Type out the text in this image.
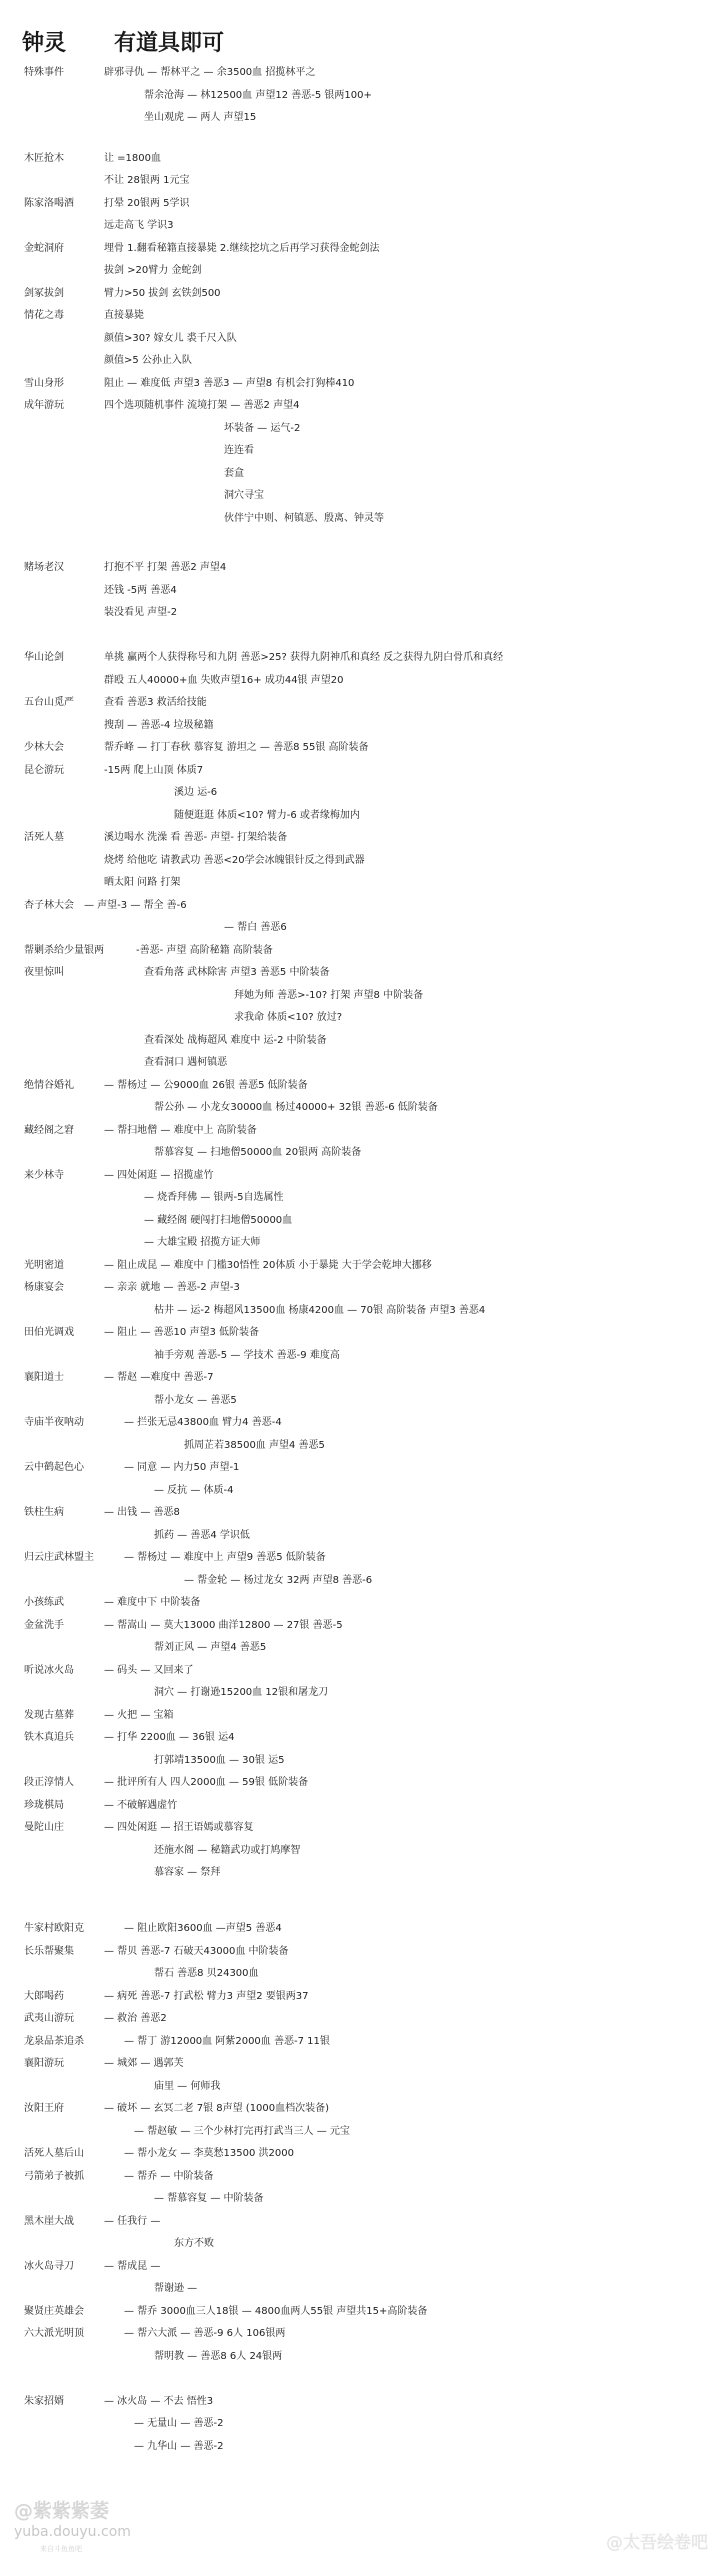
钟灵 有道具即可
特殊事件	辟邪寻仇 — 帮林平之 — 余3500血 招揽林平之
帮余沧海 — 林12500血 声望12 善恶-5 银两100+
坐山观虎 — 两人 声望15
木匠抢木	让 =1800血
不让 28银两 1元宝
陈家洛喝酒	打晕 20银两 5学识
远走高飞 学识3
金蛇洞府	埋骨 1.翻看秘籍直接暴毙 2.继续挖坑之后再学习获得金蛇剑法
拔剑 >20臂力 金蛇剑
剑冢拔剑	臂力>50 拔剑 玄铁剑500
情花之毒	直接暴毙
颜值>30? 嫁女儿 裘千尺入队
颜值>5 公孙止入队
雪山身形	阻止 — 难度低 声望3 善恶3 — 声望8 有机会打狗棒410
成年游玩	四个选项随机事件 流境打架 — 善恶2 声望4
坏装备 — 运气-2
连连看
套盒
洞穴寻宝
伙伴宁中则、柯镇恶、殷离、钟灵等
赌场老汉	打抱不平 打架 善恶2 声望4
还钱 -5两 善恶4
装没看见 声望-2
华山论剑	单挑 赢两个人获得称号和九阴 善恶>25? 获得九阴神爪和真经 反之获得九阴白骨爪和真经
群殴 五人40000+血 失败声望16+ 成功44银 声望20
五台山觅严	查看 善恶3 救活给技能
搜刮 — 善恶-4 垃圾秘籍
少林大会	帮乔峰 — 打丁春秋 慕容复 游坦之 — 善恶8 55银 高阶装备
昆仑游玩	-15两 爬上山顶 体质7
溪边 运-6
随便逛逛 体质<10? 臂力-6 或者缘梅加内
活死人墓	溪边喝水 洗澡 看 善恶- 声望- 打架给装备
烧烤 给他吃 请教武功 善恶<20学会冰魄银针反之得到武器
晒太阳 问路 打架
杏子林大会 — 声望-3 — 帮全 善-6
— 帮白 善恶6
帮剿杀给少量银两	-善恶- 声望 高阶秘籍 高阶装备
夜里惊叫	查看角落 武林除害 声望3 善恶5 中阶装备
拜她为师 善恶>-10? 打架 声望8 中阶装备
求我命 体质<10? 放过?
查看深处 战梅超风 难度中 运-2 中阶装备
查看洞口 遇柯镇恶
绝情谷婚礼	— 帮杨过 — 公9000血 26银 善恶5 低阶装备
帮公孙 — 小龙女30000血 杨过40000+ 32银 善恶-6 低阶装备
藏经阁之窘	— 帮扫地僧 — 难度中上 高阶装备
帮慕容复 — 扫地僧50000血 20银两 高阶装备
来少林寺	— 四处闲逛 — 招揽虚竹
— 烧香拜佛 — 银两-5自选属性
— 藏经阁 硬闯打扫地僧50000血
— 大雄宝殿 招揽方证大师
光明密道	— 阻止成昆 — 难度中 门槛30悟性 20体质 小于暴毙 大于学会乾坤大挪移
杨康宴会	— 亲亲 就地 — 善恶-2 声望-3
枯井 — 运-2 梅超风13500血 杨康4200血 — 70银 高阶装备 声望3 善恶4
田伯光调戏	— 阻止 — 善恶10 声望3 低阶装备
袖手旁观 善恶-5 — 学技术 善恶-9 难度高
襄阳道士	— 帮赵 —难度中 善恶-7
帮小龙女 — 善恶5
寺庙半夜呐动	— 拦张无忌43800血 臂力4 善恶-4
抓周芷若38500血 声望4 善恶5
云中鹤起色心	— 同意 — 内力50 声望-1
— 反抗 — 体质-4
铁柱生病	— 出钱 — 善恶8
抓药 — 善恶4 学识低
归云庄武林盟主	— 帮杨过 — 难度中上 声望9 善恶5 低阶装备
— 帮金轮 — 杨过龙女 32两 声望8 善恶-6
小孩练武	— 难度中下 中阶装备
金盆洗手	— 帮嵩山 — 莫大13000 曲洋12800 — 27银 善恶-5
帮刘正风 — 声望4 善恶5
听说冰火岛	— 码头 — 又回来了
洞穴 — 打谢逊15200血 12银和屠龙刀
发现古墓葬	— 火把 — 宝箱
铁木真追兵	— 打华 2200血 — 36银 运4
打郭靖13500血 — 30银 运5
段正淳情人	— 批评所有人 四人2000血 — 59银 低阶装备
珍珑棋局	— 不破解遇虚竹
曼陀山庄	— 四处闲逛 — 招王语嫣或慕容复
还施水阁 — 秘籍武功或打鸠摩智
慕容家 — 祭拜
牛家村欧阳克	— 阻止欧阳3600血 —声望5 善恶4
长乐帮聚集	— 帮贝 善恶-7 石破天43000血 中阶装备
帮石 善恶8 贝24300血
大郎喝药	— 病死 善恶-7 打武松 臂力3 声望2 要银两37
武夷山游玩	— 救治 善恶2
龙泉品茶追杀	— 帮丁 游12000血 阿紫2000血 善恶-7 11银
襄阳游玩	— 城郊 — 遇郭芙
庙里 — 何师我
汝阳王府	— 破坏 — 玄冥二老 7银 8声望 (1000血档次装备)
— 帮赵敏 — 三个少林打完再打武当三人 — 元宝
活死人墓后山	— 帮小龙女 — 李莫愁13500 洪2000
弓箭弟子被抓	— 帮乔 — 中阶装备
— 帮慕容复 — 中阶装备
黑木崖大战	— 任我行 —
东方不败
冰火岛寻刀	— 帮成昆 —
帮谢逊 —
聚贤庄英雄会	— 帮乔 3000血三人18银 — 4800血两人55银 声望共15+高阶装备
六大派光明顶	— 帮六大派 — 善恶-9 6人 106银两
帮明教 — 善恶8 6人 24银两
朱家招婿	— 冰火岛 — 不去 悟性3
— 无量山 — 善恶-2
— 九华山 — 善恶-2
@紫紫紫萎
yuba.douyu.com
来自斗鱼鱼吧	@太吾绘卷吧
